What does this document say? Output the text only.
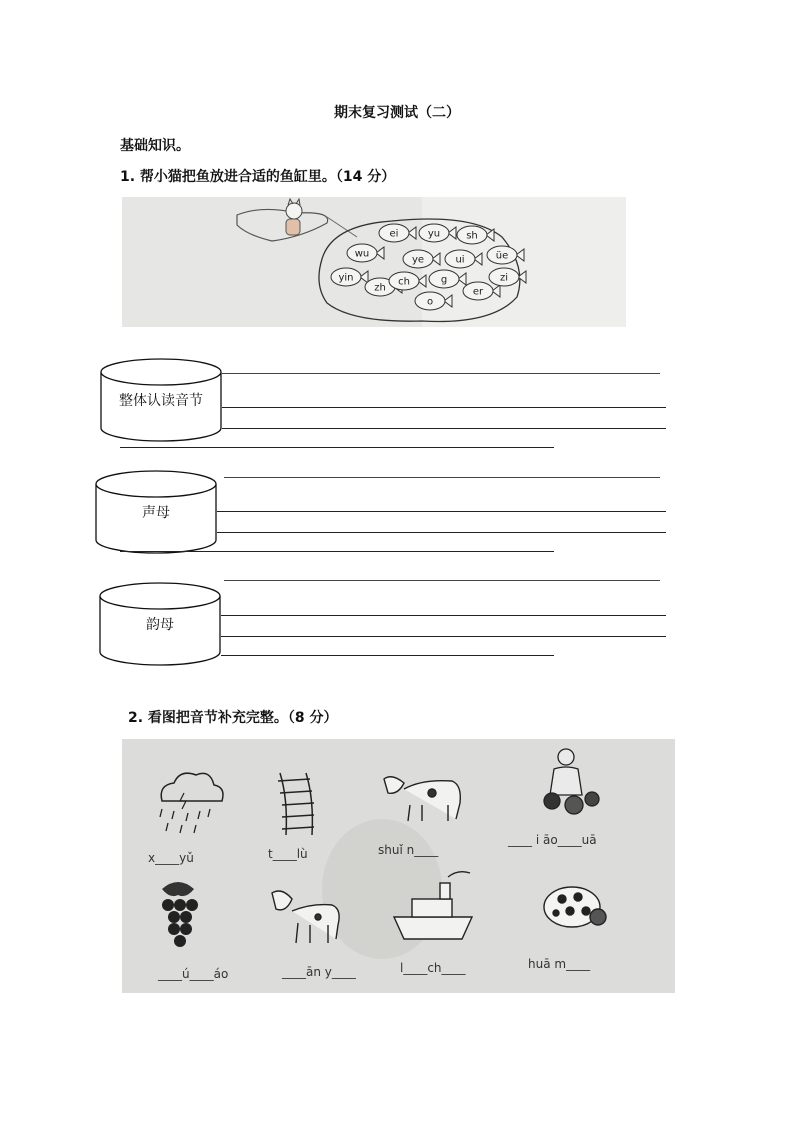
期末复习测试（二）
基础知识。
1. 帮小猫把鱼放进合适的鱼缸里。（14 分）
ei	yu	sh
wu
ye	ui	üe
yin
zh
ch	g
er
zi
o
整体认读音节
声母
韵母
2. 看图把音节补充完整。（8 分）
x____yǔ	t____lù	shuǐ n____
____ i āo____uā
____ú____áo	____ān y____	l____ch____	huā m____
